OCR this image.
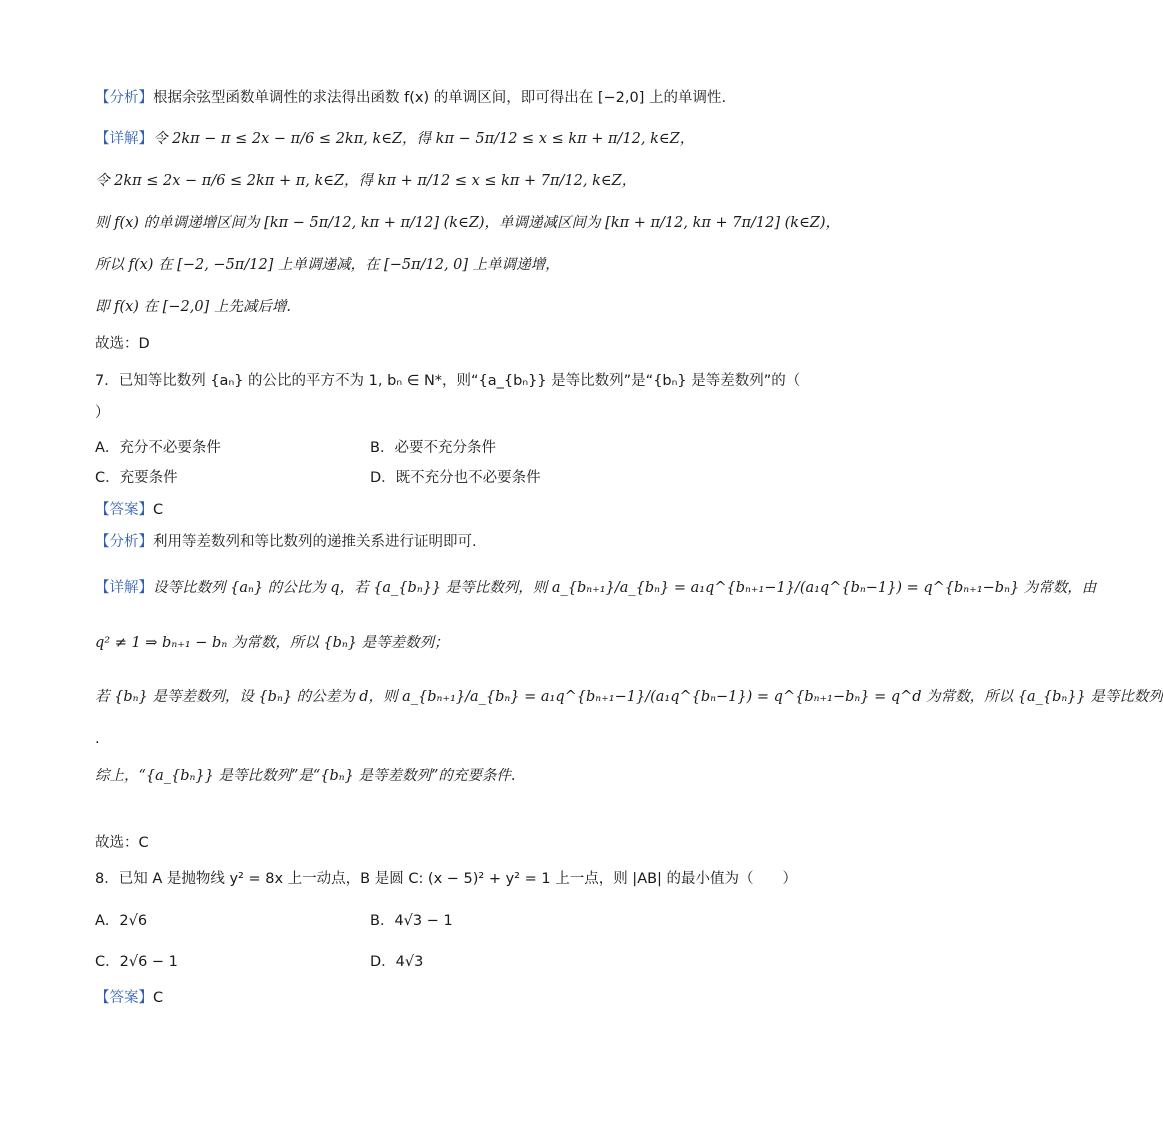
【分析】根据余弦型函数单调性的求法得出函数 f(x) 的单调区间，即可得出在 [−2,0] 上的单调性.
【详解】令 2kπ − π ≤ 2x − π/6 ≤ 2kπ, k∈Z，得 kπ − 5π/12 ≤ x ≤ kπ + π/12, k∈Z，
令 2kπ ≤ 2x − π/6 ≤ 2kπ + π, k∈Z，得 kπ + π/12 ≤ x ≤ kπ + 7π/12, k∈Z，
则 f(x) 的单调递增区间为 [kπ − 5π/12, kπ + π/12] (k∈Z)，单调递减区间为 [kπ + π/12, kπ + 7π/12] (k∈Z)，
所以 f(x) 在 [−2, −5π/12] 上单调递减，在 [−5π/12, 0] 上单调递增，
即 f(x) 在 [−2,0] 上先减后增.
故选：D
7．已知等比数列 {aₙ} 的公比的平方不为 1, bₙ ∈ N*，则“{a_{bₙ}} 是等比数列”是“{bₙ} 是等差数列”的（
）
A．充分不必要条件	B．必要不充分条件
C．充要条件	D．既不充分也不必要条件
【答案】C
【分析】利用等差数列和等比数列的递推关系进行证明即可.
【详解】设等比数列 {aₙ} 的公比为 q，若 {a_{bₙ}} 是等比数列，则 a_{bₙ₊₁}/a_{bₙ} = a₁q^{bₙ₊₁−1}/(a₁q^{bₙ−1}) = q^{bₙ₊₁−bₙ} 为常数，由
q² ≠ 1 ⇒ bₙ₊₁ − bₙ 为常数，所以 {bₙ} 是等差数列；
若 {bₙ} 是等差数列，设 {bₙ} 的公差为 d，则 a_{bₙ₊₁}/a_{bₙ} = a₁q^{bₙ₊₁−1}/(a₁q^{bₙ−1}) = q^{bₙ₊₁−bₙ} = q^d 为常数，所以 {a_{bₙ}} 是等比数列
.
综上，“{a_{bₙ}} 是等比数列”是“{bₙ} 是等差数列”的充要条件.
故选：C
8．已知 A 是抛物线 y² = 8x 上一动点，B 是圆 C: (x − 5)² + y² = 1 上一点，则 |AB| 的最小值为（　　）
A．2√6	B．4√3 − 1
C．2√6 − 1	D．4√3
【答案】C
